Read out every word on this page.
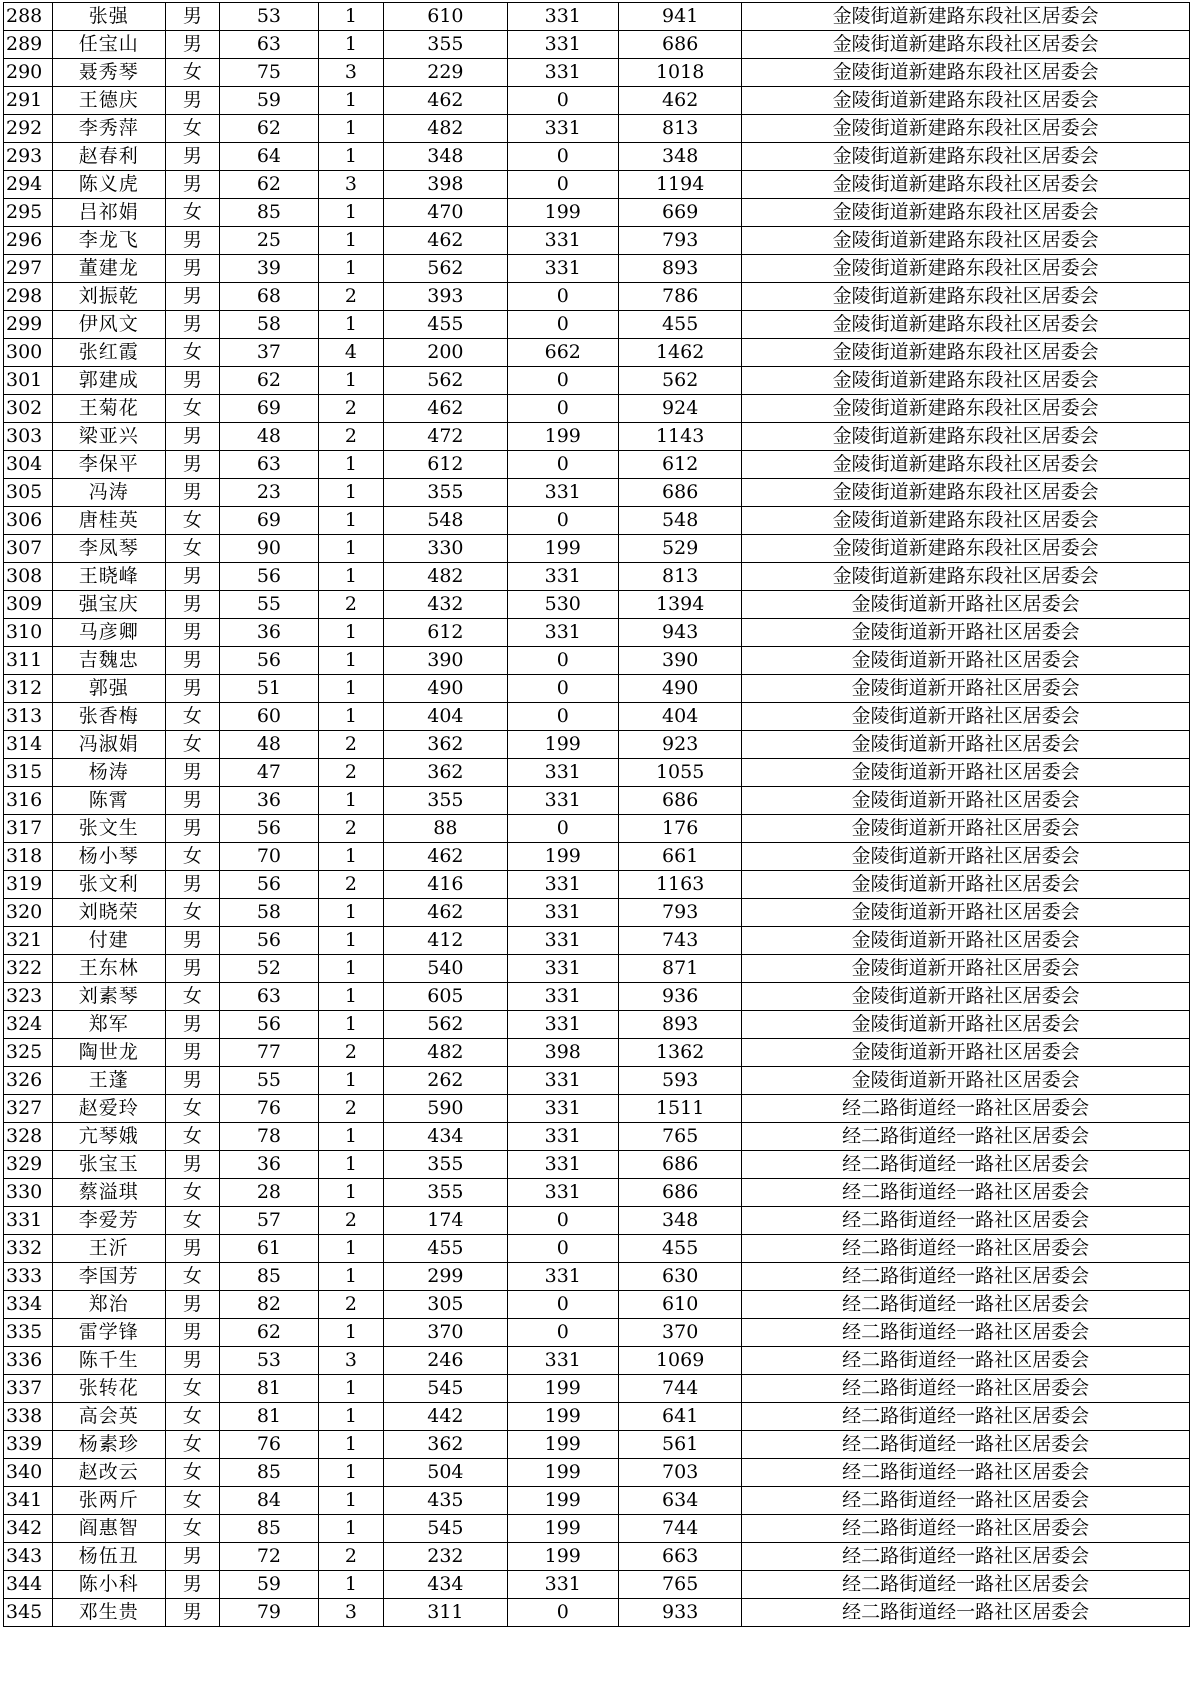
288	张强	男	53	1	610	331	941	金陵街道新建路东段社区居委会
289	任宝山	男	63	1	355	331	686	金陵街道新建路东段社区居委会
290	聂秀琴	女	75	3	229	331	1018	金陵街道新建路东段社区居委会
291	王德庆	男	59	1	462	0	462	金陵街道新建路东段社区居委会
292	李秀萍	女	62	1	482	331	813	金陵街道新建路东段社区居委会
293	赵春利	男	64	1	348	0	348	金陵街道新建路东段社区居委会
294	陈义虎	男	62	3	398	0	1194	金陵街道新建路东段社区居委会
295	吕祁娟	女	85	1	470	199	669	金陵街道新建路东段社区居委会
296	李龙飞	男	25	1	462	331	793	金陵街道新建路东段社区居委会
297	董建龙	男	39	1	562	331	893	金陵街道新建路东段社区居委会
298	刘振乾	男	68	2	393	0	786	金陵街道新建路东段社区居委会
299	伊风文	男	58	1	455	0	455	金陵街道新建路东段社区居委会
300	张红霞	女	37	4	200	662	1462	金陵街道新建路东段社区居委会
301	郭建成	男	62	1	562	0	562	金陵街道新建路东段社区居委会
302	王菊花	女	69	2	462	0	924	金陵街道新建路东段社区居委会
303	梁亚兴	男	48	2	472	199	1143	金陵街道新建路东段社区居委会
304	李保平	男	63	1	612	0	612	金陵街道新建路东段社区居委会
305	冯涛	男	23	1	355	331	686	金陵街道新建路东段社区居委会
306	唐桂英	女	69	1	548	0	548	金陵街道新建路东段社区居委会
307	李凤琴	女	90	1	330	199	529	金陵街道新建路东段社区居委会
308	王晓峰	男	56	1	482	331	813	金陵街道新建路东段社区居委会
309	强宝庆	男	55	2	432	530	1394	金陵街道新开路社区居委会
310	马彦卿	男	36	1	612	331	943	金陵街道新开路社区居委会
311	吉魏忠	男	56	1	390	0	390	金陵街道新开路社区居委会
312	郭强	男	51	1	490	0	490	金陵街道新开路社区居委会
313	张香梅	女	60	1	404	0	404	金陵街道新开路社区居委会
314	冯淑娟	女	48	2	362	199	923	金陵街道新开路社区居委会
315	杨涛	男	47	2	362	331	1055	金陵街道新开路社区居委会
316	陈霄	男	36	1	355	331	686	金陵街道新开路社区居委会
317	张文生	男	56	2	88	0	176	金陵街道新开路社区居委会
318	杨小琴	女	70	1	462	199	661	金陵街道新开路社区居委会
319	张文利	男	56	2	416	331	1163	金陵街道新开路社区居委会
320	刘晓荣	女	58	1	462	331	793	金陵街道新开路社区居委会
321	付建	男	56	1	412	331	743	金陵街道新开路社区居委会
322	王东林	男	52	1	540	331	871	金陵街道新开路社区居委会
323	刘素琴	女	63	1	605	331	936	金陵街道新开路社区居委会
324	郑军	男	56	1	562	331	893	金陵街道新开路社区居委会
325	陶世龙	男	77	2	482	398	1362	金陵街道新开路社区居委会
326	王蓬	男	55	1	262	331	593	金陵街道新开路社区居委会
327	赵爱玲	女	76	2	590	331	1511	经二路街道经一路社区居委会
328	亢琴娥	女	78	1	434	331	765	经二路街道经一路社区居委会
329	张宝玉	男	36	1	355	331	686	经二路街道经一路社区居委会
330	蔡溢琪	女	28	1	355	331	686	经二路街道经一路社区居委会
331	李爱芳	女	57	2	174	0	348	经二路街道经一路社区居委会
332	王沂	男	61	1	455	0	455	经二路街道经一路社区居委会
333	李国芳	女	85	1	299	331	630	经二路街道经一路社区居委会
334	郑治	男	82	2	305	0	610	经二路街道经一路社区居委会
335	雷学锋	男	62	1	370	0	370	经二路街道经一路社区居委会
336	陈千生	男	53	3	246	331	1069	经二路街道经一路社区居委会
337	张转花	女	81	1	545	199	744	经二路街道经一路社区居委会
338	高会英	女	81	1	442	199	641	经二路街道经一路社区居委会
339	杨素珍	女	76	1	362	199	561	经二路街道经一路社区居委会
340	赵改云	女	85	1	504	199	703	经二路街道经一路社区居委会
341	张两斤	女	84	1	435	199	634	经二路街道经一路社区居委会
342	阎惠智	女	85	1	545	199	744	经二路街道经一路社区居委会
343	杨伍丑	男	72	2	232	199	663	经二路街道经一路社区居委会
344	陈小科	男	59	1	434	331	765	经二路街道经一路社区居委会
345	邓生贵	男	79	3	311	0	933	经二路街道经一路社区居委会
